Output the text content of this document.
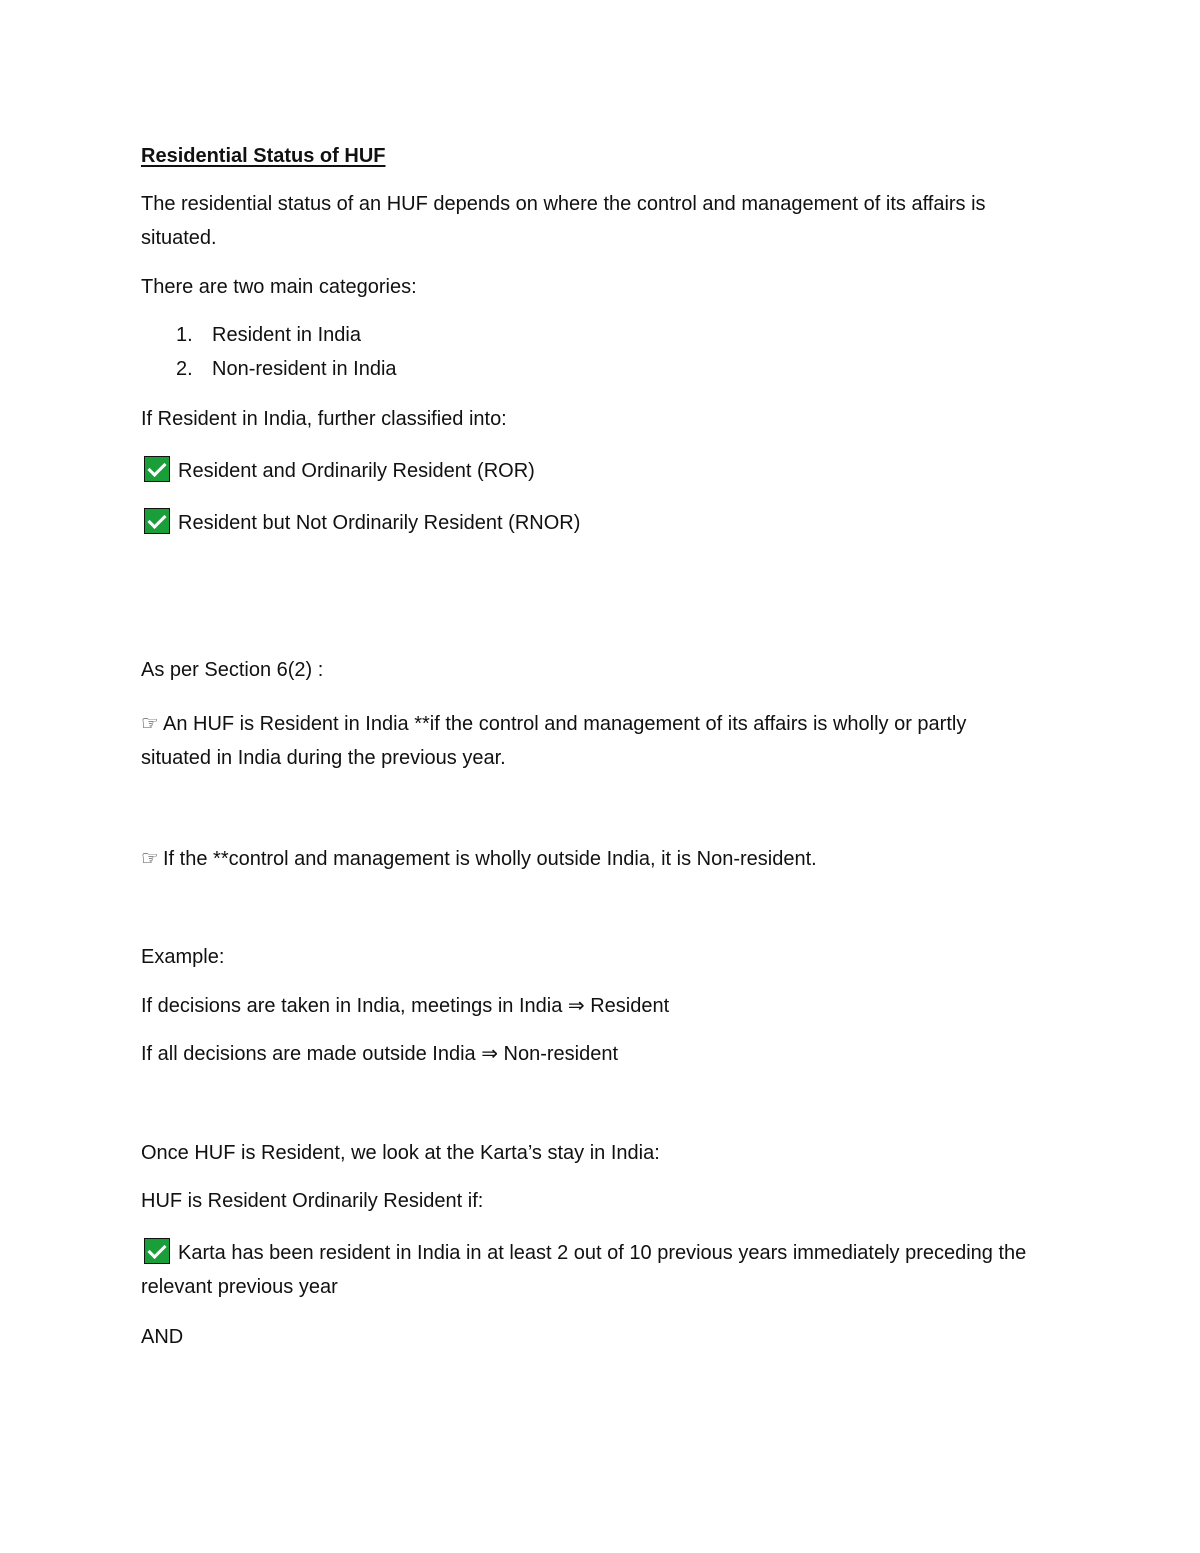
Residential Status of HUF
The residential status of an HUF depends on where the control and management of its affairs is situated.
There are two main categories:
1. Resident in India
2. Non-resident in India
If Resident in India, further classified into:
Resident and Ordinarily Resident (ROR)
Resident but Not Ordinarily Resident (RNOR)
As per Section 6(2) :
☞ An HUF is Resident in India **if the control and management of its affairs is wholly or partly situated in India during the previous year.
☞ If the **control and management is wholly outside India, it is Non-resident.
Example:
If decisions are taken in India, meetings in India ⇒ Resident
If all decisions are made outside India ⇒ Non-resident
Once HUF is Resident, we look at the Karta’s stay in India:
HUF is Resident Ordinarily Resident if:
Karta has been resident in India in at least 2 out of 10 previous years immediately preceding the relevant previous year
AND
